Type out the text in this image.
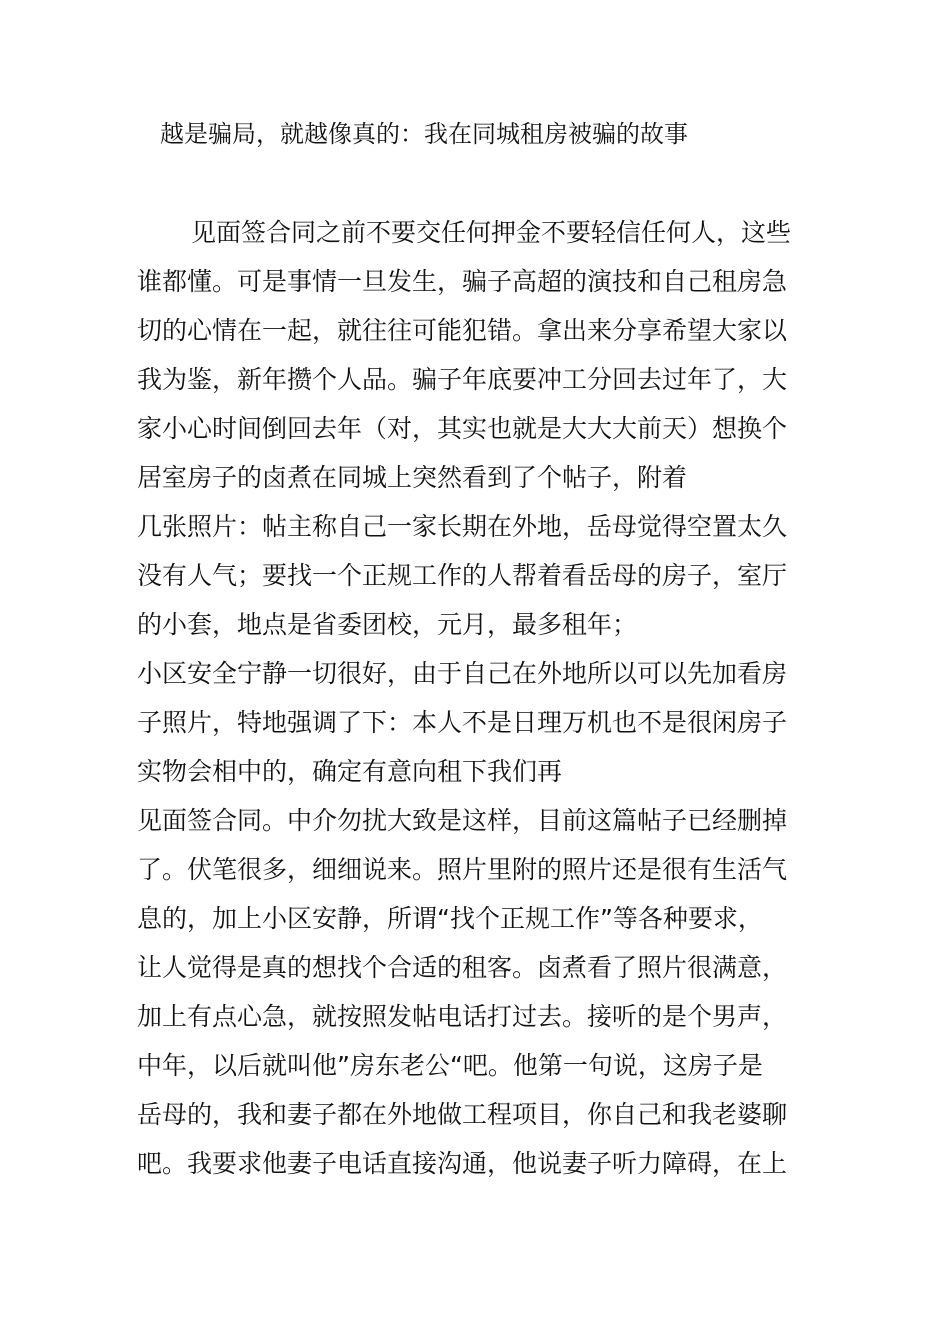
越是骗局，就越像真的：我在同城租房被骗的故事
见面签合同之前不要交任何押金不要轻信任何人，这些
谁都懂。可是事情一旦发生，骗子高超的演技和自己租房急
切的心情在一起，就往往可能犯错。拿出来分享希望大家以
我为鉴，新年攒个人品。骗子年底要冲工分回去过年了，大
家小心时间倒回去年（对，其实也就是大大大前天）想换个
居室房子的卤煮在同城上突然看到了个帖子，附着
几张照片：帖主称自己一家长期在外地，岳母觉得空置太久
没有人气；要找一个正规工作的人帮着看岳母的房子，室厅
的小套，地点是省委团校，元月，最多租年；
小区安全宁静一切很好，由于自己在外地所以可以先加看房
子照片，特地强调了下：本人不是日理万机也不是很闲房子
实物会相中的，确定有意向租下我们再
见面签合同。中介勿扰大致是这样，目前这篇帖子已经删掉
了。伏笔很多，细细说来。照片里附的照片还是很有生活气
息的，加上小区安静，所谓“找个正规工作”等各种要求，
让人觉得是真的想找个合适的租客。卤煮看了照片很满意，
加上有点心急，就按照发帖电话打过去。接听的是个男声，
中年，以后就叫他”房东老公“吧。他第一句说，这房子是
岳母的，我和妻子都在外地做工程项目，你自己和我老婆聊
吧。我要求他妻子电话直接沟通，他说妻子听力障碍，在上
